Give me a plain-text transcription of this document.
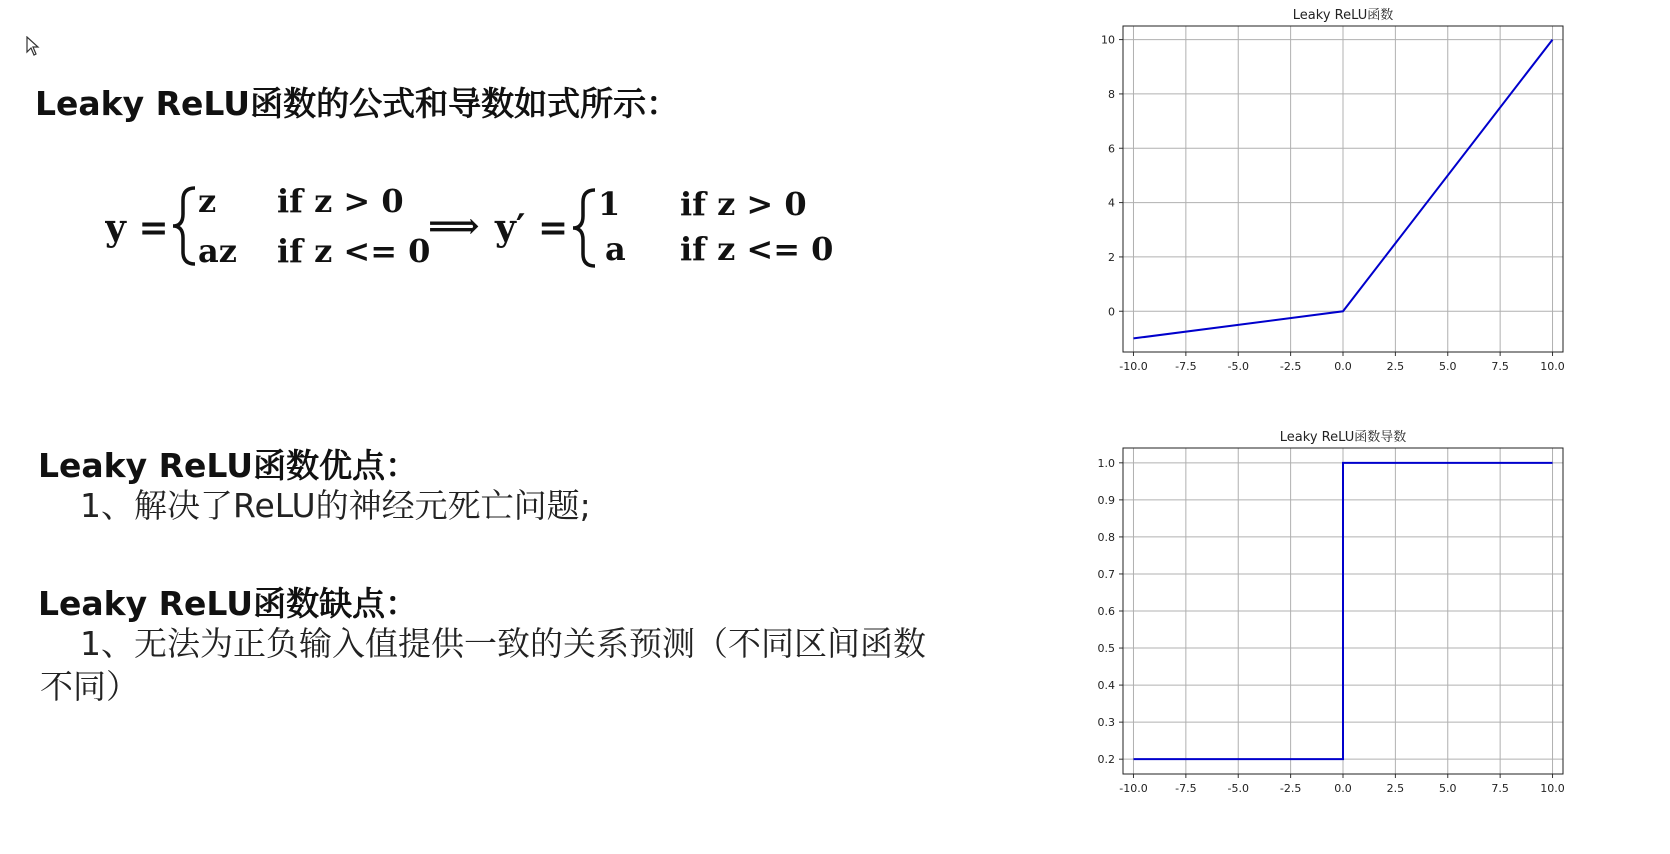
Leaky ReLU函数的公式和导数如式所示：
y =
z if z > 0
az if z <= 0
⟹ y′ =
1 if z > 0
a if z <= 0
Leaky ReLU函数优点：

1、解决了ReLU的神经元死亡问题;

Leaky ReLU函数缺点：

1、无法为正负输入值提供一致的关系预测（不同区间函数不同）

Leaky ReLU函数
-10.0 -7.5	-5.0	-2.5	0.0	2.5	5.0	7.5	10.0
0
2
4
6
8
10
Leaky ReLU函数导数
-10.0 -7.5	-5.0	-2.5	0.0	2.5	5.0	7.5	10.0
0.2
0.3
0.4
0.5
0.6
0.7
0.8
0.9
1.0
